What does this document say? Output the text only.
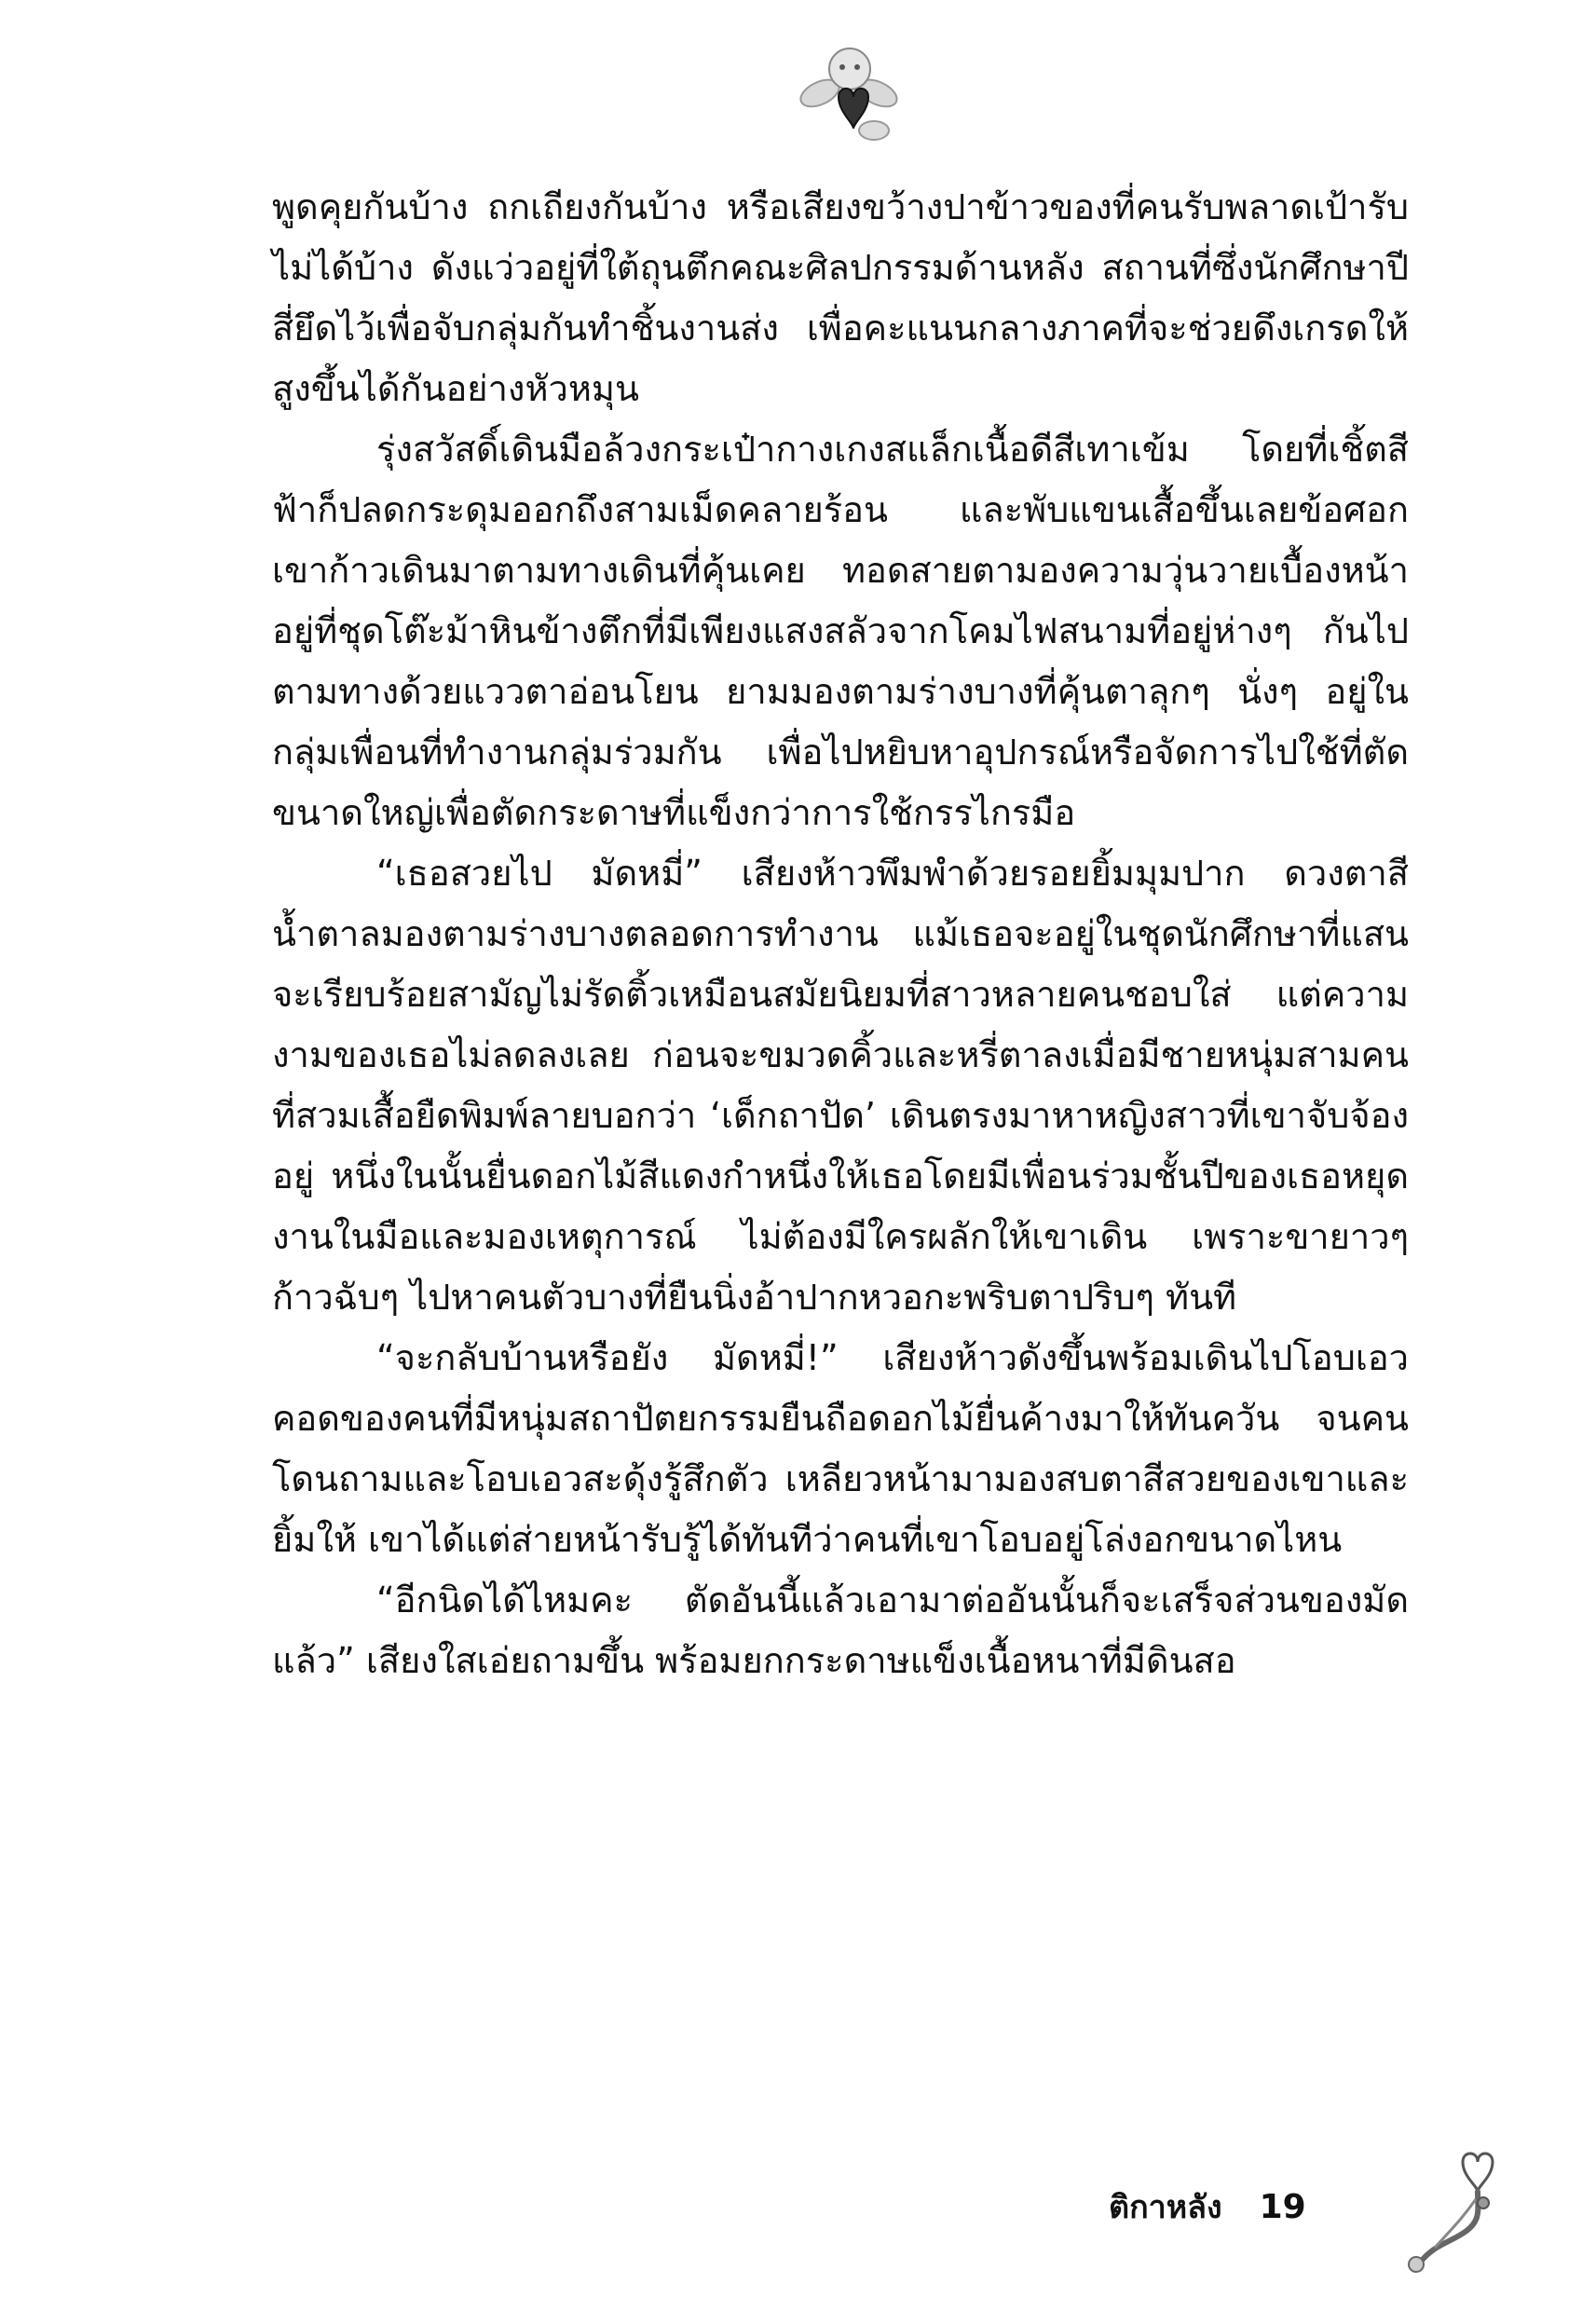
พูดคุยกันบ้าง ถกเถียงกันบ้าง หรือเสียงขว้างปาข้าวของที่คนรับพลาดเป้ารับไม่ได้บ้าง ดังแว่วอยู่ที่ใต้ถุนตึกคณะศิลปกรรมด้านหลัง สถานที่ซึ่งนักศึกษาปีสี่ยึดไว้เพื่อจับกลุ่มกันทำชิ้นงานส่ง เพื่อคะแนนกลางภาคที่จะช่วยดึงเกรดให้สูงขึ้นได้กันอย่างหัวหมุน

รุ่งสวัสดิ์เดินมือล้วงกระเป๋ากางเกงสแล็กเนื้อดีสีเทาเข้ม โดยที่เชิ้ตสีฟ้าก็ปลดกระดุมออกถึงสามเม็ดคลายร้อน และพับแขนเสื้อขึ้นเลยข้อศอก เขาก้าวเดินมาตามทางเดินที่คุ้นเคย ทอดสายตามองความวุ่นวายเบื้องหน้าอยู่ที่ชุดโต๊ะม้าหินข้างตึกที่มีเพียงแสงสลัวจากโคมไฟสนามที่อยู่ห่างๆ กันไปตามทางด้วยแววตาอ่อนโยน ยามมองตามร่างบางที่คุ้นตาลุกๆ นั่งๆ อยู่ในกลุ่มเพื่อนที่ทำงานกลุ่มร่วมกัน เพื่อไปหยิบหาอุปกรณ์หรือจัดการไปใช้ที่ตัดขนาดใหญ่เพื่อตัดกระดาษที่แข็งกว่าการใช้กรรไกรมือ

“เธอสวยไป มัดหมี่” เสียงห้าวพึมพำด้วยรอยยิ้มมุมปาก ดวงตาสีน้ำตาลมองตามร่างบางตลอดการทำงาน แม้เธอจะอยู่ในชุดนักศึกษาที่แสนจะเรียบร้อยสามัญไม่รัดติ้วเหมือนสมัยนิยมที่สาวหลายคนชอบใส่ แต่ความงามของเธอไม่ลดลงเลย ก่อนจะขมวดคิ้วและหรี่ตาลงเมื่อมีชายหนุ่มสามคนที่สวมเสื้อยืดพิมพ์ลายบอกว่า ‘เด็กถาปัด’ เดินตรงมาหาหญิงสาวที่เขาจับจ้องอยู่ หนึ่งในนั้นยื่นดอกไม้สีแดงกำหนึ่งให้เธอโดยมีเพื่อนร่วมชั้นปีของเธอหยุดงานในมือและมองเหตุการณ์ ไม่ต้องมีใครผลักให้เขาเดิน เพราะขายาวๆ ก้าวฉับๆ ไปหาคนตัวบางที่ยืนนิ่งอ้าปากหวอกะพริบตาปริบๆ ทันที

“จะกลับบ้านหรือยัง มัดหมี่!” เสียงห้าวดังขึ้นพร้อมเดินไปโอบเอวคอดของคนที่มีหนุ่มสถาปัตยกรรมยืนถือดอกไม้ยื่นค้างมาให้ทันควัน จนคนโดนถามและโอบเอวสะดุ้งรู้สึกตัว เหลียวหน้ามามองสบตาสีสวยของเขาและยิ้มให้ เขาได้แต่ส่ายหน้ารับรู้ได้ทันทีว่าคนที่เขาโอบอยู่โล่งอกขนาดไหน

“อีกนิดได้ไหมคะ ตัดอันนี้แล้วเอามาต่ออันนั้นก็จะเสร็จส่วนของมัดแล้ว” เสียงใสเอ่ยถามขึ้น พร้อมยกกระดาษแข็งเนื้อหนาที่มีดินสอ

ติกาหลัง 19
